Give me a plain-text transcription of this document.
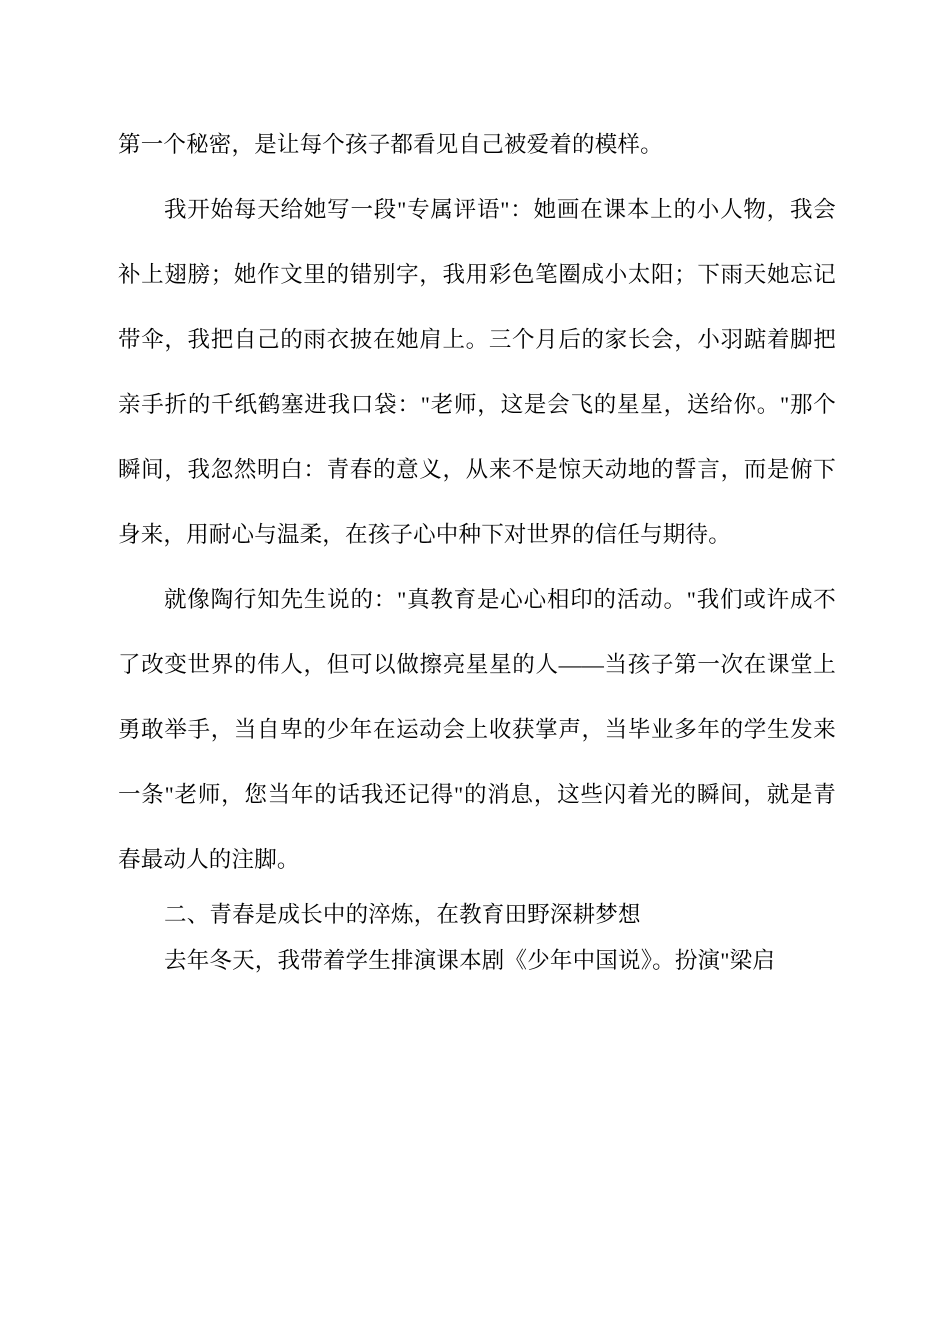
第一个秘密，是让每个孩子都看见自己被爱着的模样。

我开始每天给她写一段"专属评语"：她画在课本上的小人物，我会补上翅膀；她作文里的错别字，我用彩色笔圈成小太阳；下雨天她忘记带伞，我把自己的雨衣披在她肩上。三个月后的家长会，小羽踮着脚把亲手折的千纸鹤塞进我口袋："老师，这是会飞的星星，送给你。"那个瞬间，我忽然明白：青春的意义，从来不是惊天动地的誓言，而是俯下身来，用耐心与温柔，在孩子心中种下对世界的信任与期待。

就像陶行知先生说的："真教育是心心相印的活动。"我们或许成不了改变世界的伟人，但可以做擦亮星星的人——当孩子第一次在课堂上勇敢举手，当自卑的少年在运动会上收获掌声，当毕业多年的学生发来一条"老师，您当年的话我还记得"的消息，这些闪着光的瞬间，就是青春最动人的注脚。

二、青春是成长中的淬炼，在教育田野深耕梦想

去年冬天，我带着学生排演课本剧《少年中国说》。扮演"梁启
